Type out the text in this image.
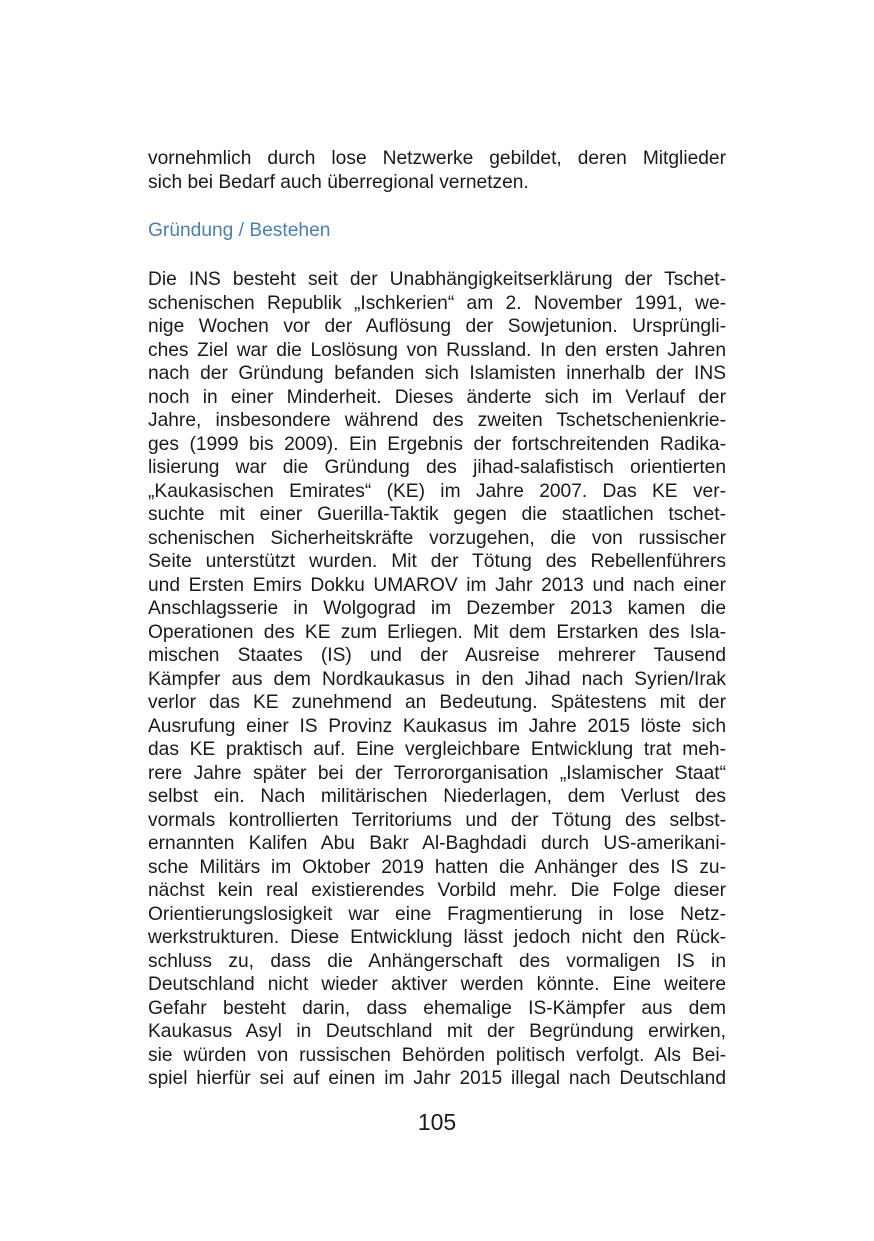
vornehmlich durch lose Netzwerke gebildet, deren Mitglieder
sich bei Bedarf auch überregional vernetzen.
Gründung / Bestehen
Die INS besteht seit der Unabhängigkeitserklärung der Tschet-
schenischen Republik „Ischkerien“ am 2. November 1991, we-
nige Wochen vor der Auflösung der Sowjetunion. Ursprüngli-
ches Ziel war die Loslösung von Russland. In den ersten Jahren
nach der Gründung befanden sich Islamisten innerhalb der INS
noch in einer Minderheit. Dieses änderte sich im Verlauf der
Jahre, insbesondere während des zweiten Tschetschenienkrie-
ges (1999 bis 2009). Ein Ergebnis der fortschreitenden Radika-
lisierung war die Gründung des jihad-salafistisch orientierten
„Kaukasischen Emirates“ (KE) im Jahre 2007. Das KE ver-
suchte mit einer Guerilla-Taktik gegen die staatlichen tschet-
schenischen Sicherheitskräfte vorzugehen, die von russischer
Seite unterstützt wurden. Mit der Tötung des Rebellenführers
und Ersten Emirs Dokku UMAROV im Jahr 2013 und nach einer
Anschlagsserie in Wolgograd im Dezember 2013 kamen die
Operationen des KE zum Erliegen. Mit dem Erstarken des Isla-
mischen Staates (IS) und der Ausreise mehrerer Tausend
Kämpfer aus dem Nordkaukasus in den Jihad nach Syrien/Irak
verlor das KE zunehmend an Bedeutung. Spätestens mit der
Ausrufung einer IS Provinz Kaukasus im Jahre 2015 löste sich
das KE praktisch auf. Eine vergleichbare Entwicklung trat meh-
rere Jahre später bei der Terrororganisation „Islamischer Staat“
selbst ein. Nach militärischen Niederlagen, dem Verlust des
vormals kontrollierten Territoriums und der Tötung des selbst-
ernannten Kalifen Abu Bakr Al-Baghdadi durch US-amerikani-
sche Militärs im Oktober 2019 hatten die Anhänger des IS zu-
nächst kein real existierendes Vorbild mehr. Die Folge dieser
Orientierungslosigkeit war eine Fragmentierung in lose Netz-
werkstrukturen. Diese Entwicklung lässt jedoch nicht den Rück-
schluss zu, dass die Anhängerschaft des vormaligen IS in
Deutschland nicht wieder aktiver werden könnte. Eine weitere
Gefahr besteht darin, dass ehemalige IS-Kämpfer aus dem
Kaukasus Asyl in Deutschland mit der Begründung erwirken,
sie würden von russischen Behörden politisch verfolgt. Als Bei-
spiel hierfür sei auf einen im Jahr 2015 illegal nach Deutschland
105
